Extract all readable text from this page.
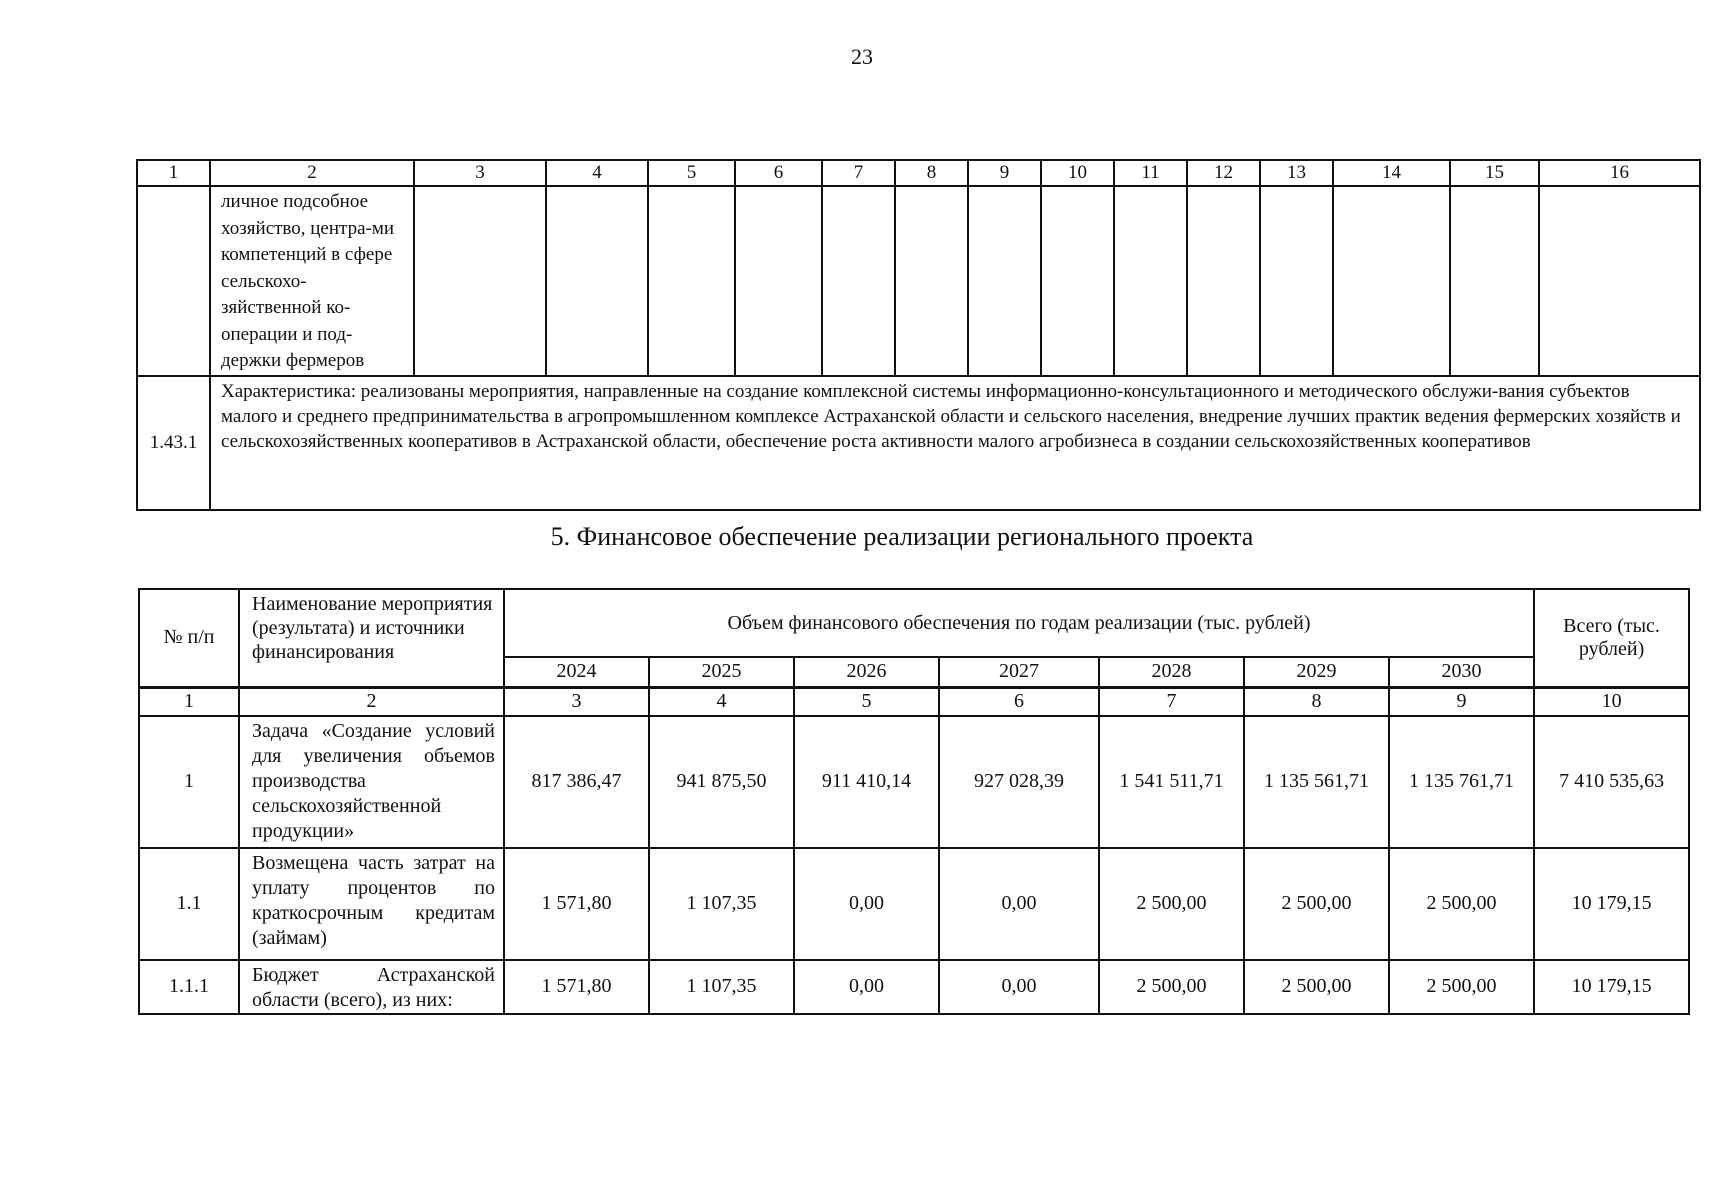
23
1	2	3	4	5	6	7	8	9	10	11	12	13	14	15	16
	личное подсобное хозяйство, центра-ми компетенций в сфере сельскохо-зяйственной ко-операции и под-держки фермеров														
1.43.1	Характеристика: реализованы мероприятия, направленные на создание комплексной системы информационно-консультационного и методического обслужи-вания субъектов малого и среднего предпринимательства в агропромышленном комплексе Астраханской области и сельского населения, внедрение лучших практик ведения фермерских хозяйств и сельскохозяйственных кооперативов в Астраханской области, обеспечение роста активности малого агробизнеса в создании сельскохозяйственных кооперативов														
5. Финансовое обеспечение реализации регионального проекта
№ п/п	Наименование мероприятия (результата) и источники финансирования	Объем финансового обеспечения по годам реализации (тыс. рублей)							Всего (тыс. рублей)
		2024	2025	2026	2027	2028	2029	2030	
1	2	3	4	5	6	7	8	9	10
1	Задача «Создание условий для увеличения объемов производства сельскохозяйственной продукции»	817 386,47	941 875,50	911 410,14	927 028,39	1 541 511,71	1 135 561,71	1 135 761,71	7 410 535,63
1.1	Возмещена часть затрат на уплату процентов по краткосрочным кредитам (займам)	1 571,80	1 107,35	0,00	0,00	2 500,00	2 500,00	2 500,00	10 179,15
1.1.1	Бюджет Астраханской области (всего), из них:	1 571,80	1 107,35	0,00	0,00	2 500,00	2 500,00	2 500,00	10 179,15
